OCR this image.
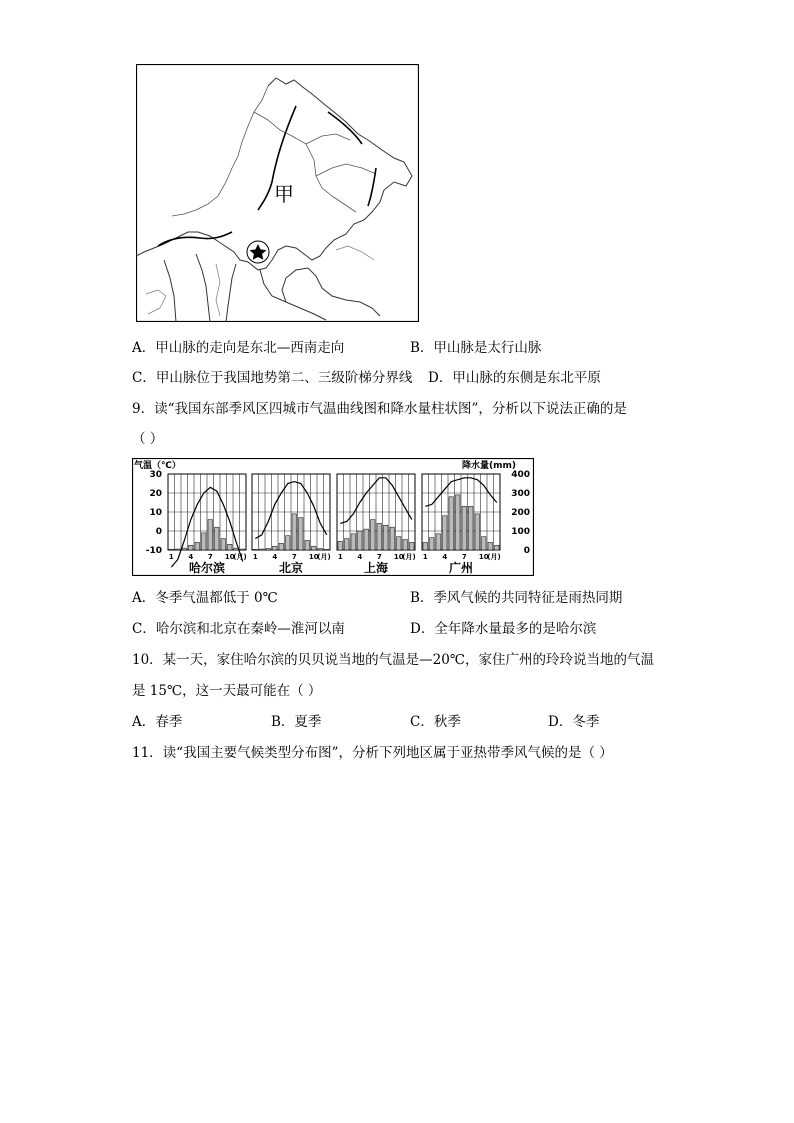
甲
A．甲山脉的走向是东北—西南走向	B．甲山脉是太行山脉
C．甲山脉位于我国地势第二、三级阶梯分界线 D．甲山脉的东侧是东北平原
9．读“我国东部季风区四城市气温曲线图和降水量柱状图”，分析以下说法正确的是
（ ）
气温（℃）	降水量(mm)
30
20
10
0
-10
400
300
200
100
0
1 4 7 10
(月)
哈尔滨
1 4 7 10
(月)
北京
1 4 7 10
(月)
上海
1 4 7 10
(月)
广州
A．冬季气温都低于 0℃	B．季风气候的共同特征是雨热同期
C．哈尔滨和北京在秦岭—淮河以南	D．全年降水量最多的是哈尔滨
10．某一天，家住哈尔滨的贝贝说当地的气温是—20℃，家住广州的玲玲说当地的气温
是 15℃，这一天最可能在（ ）
A．春季	B．夏季	C．秋季	D．冬季
11．读“我国主要气候类型分布图”，分析下列地区属于亚热带季风气候的是（ ）
